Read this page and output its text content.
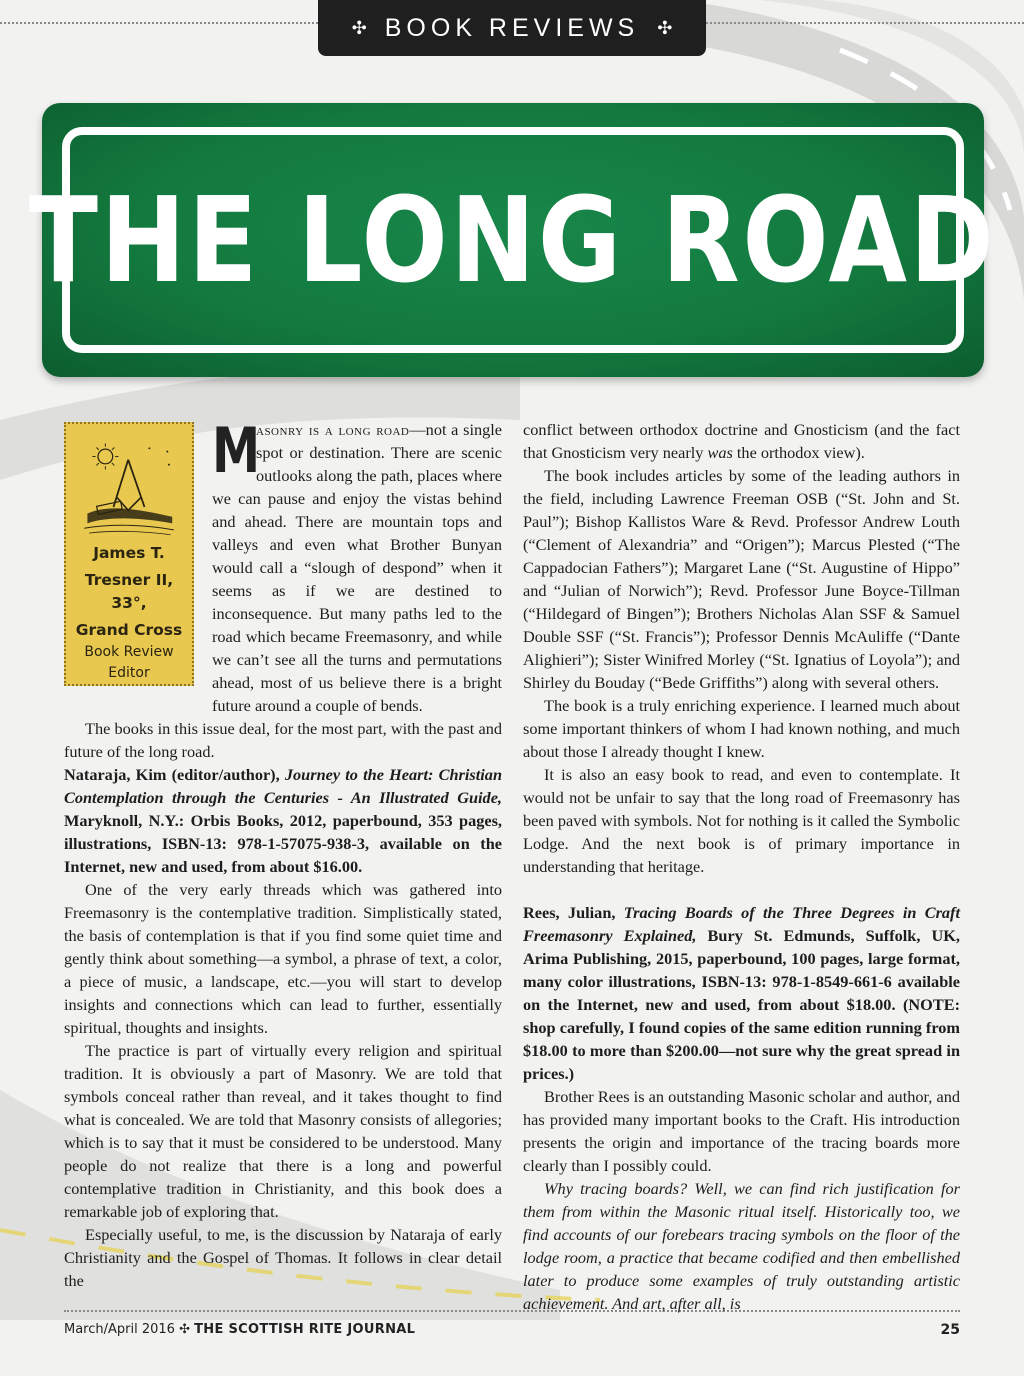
✣ BOOK REVIEWS ✣
THE LONG ROAD
James T.
Tresner II, 33°,
Grand Cross
Book Review
Editor

M
asonry is a long road—not a single spot or destination. There are scenic outlooks along the path, places where we can pause and enjoy the vistas behind and ahead. There are mountain tops and valleys and even what Brother Bunyan would call a “slough of despond” when it seems as if we are destined to inconsequence. But many paths led to the road which became Freemasonry, and while we can’t see all the turns and permutations ahead, most of us believe there is a bright future around a couple of bends.

The books in this issue deal, for the most part, with the past and future of the long road.

Nataraja, Kim (editor/author), Journey to the Heart: Christian Contemplation through the Centuries - An Illustrated Guide, Maryknoll, N.Y.: Orbis Books, 2012, paperbound, 353 pages, illustrations, ISBN-13: 978-1-57075-938-3, available on the Internet, new and used, from about $16.00.

One of the very early threads which was gathered into Freemasonry is the contemplative tradition. Simplistically stated, the basis of contemplation is that if you find some quiet time and gently think about something—a symbol, a phrase of text, a color, a piece of music, a landscape, etc.—you will start to develop insights and connections which can lead to further, essentially spiritual, thoughts and insights.

The practice is part of virtually every religion and spiritual tradition. It is obviously a part of Masonry. We are told that symbols conceal rather than reveal, and it takes thought to find what is concealed. We are told that Masonry consists of allegories; which is to say that it must be considered to be understood. Many people do not realize that there is a long and powerful contemplative tradition in Christianity, and this book does a remarkable job of exploring that.

Especially useful, to me, is the discussion by Nataraja of early Christianity and the Gospel of Thomas. It follows in clear detail the

conflict between orthodox doctrine and Gnosticism (and the fact that Gnosticism very nearly was the orthodox view).

The book includes articles by some of the leading authors in the field, including Lawrence Freeman OSB (“St. John and St. Paul”); Bishop Kallistos Ware & Revd. Professor Andrew Louth (“Clement of Alexandria” and “Origen”); Marcus Plested (“The Cappadocian Fathers”); Margaret Lane (“St. Augustine of Hippo” and “Julian of Norwich”); Revd. Professor June Boyce-Tillman (“Hildegard of Bingen”); Brothers Nicholas Alan SSF & Samuel Double SSF (“St. Francis”); Professor Dennis McAuliffe (“Dante Alighieri”); Sister Winifred Morley (“St. Ignatius of Loyola”); and Shirley du Bouday (“Bede Griffiths”) along with several others.

The book is a truly enriching experience. I learned much about some important thinkers of whom I had known nothing, and much about those I already thought I knew.

It is also an easy book to read, and even to contemplate. It would not be unfair to say that the long road of Freemasonry has been paved with symbols. Not for nothing is it called the Symbolic Lodge. And the next book is of primary importance in understanding that heritage.

Rees, Julian, Tracing Boards of the Three Degrees in Craft Freemasonry Explained, Bury St. Edmunds, Suffolk, UK, Arima Publishing, 2015, paperbound, 100 pages, large format, many color illustrations, ISBN-13: 978-1-8549-661-6 available on the Internet, new and used, from about $18.00. (NOTE: shop carefully, I found copies of the same edition running from $18.00 to more than $200.00—not sure why the great spread in prices.)

Brother Rees is an outstanding Masonic scholar and author, and has provided many important books to the Craft. His introduction presents the origin and importance of the tracing boards more clearly than I possibly could.

Why tracing boards? Well, we can find rich justification for them from within the Masonic ritual itself. Historically too, we find accounts of our forebears tracing symbols on the floor of the lodge room, a practice that became codified and then embellished later to produce some examples of truly outstanding artistic achievement. And art, after all, is

March/April 2016 ✣ THE SCOTTISH RITE JOURNAL	25
